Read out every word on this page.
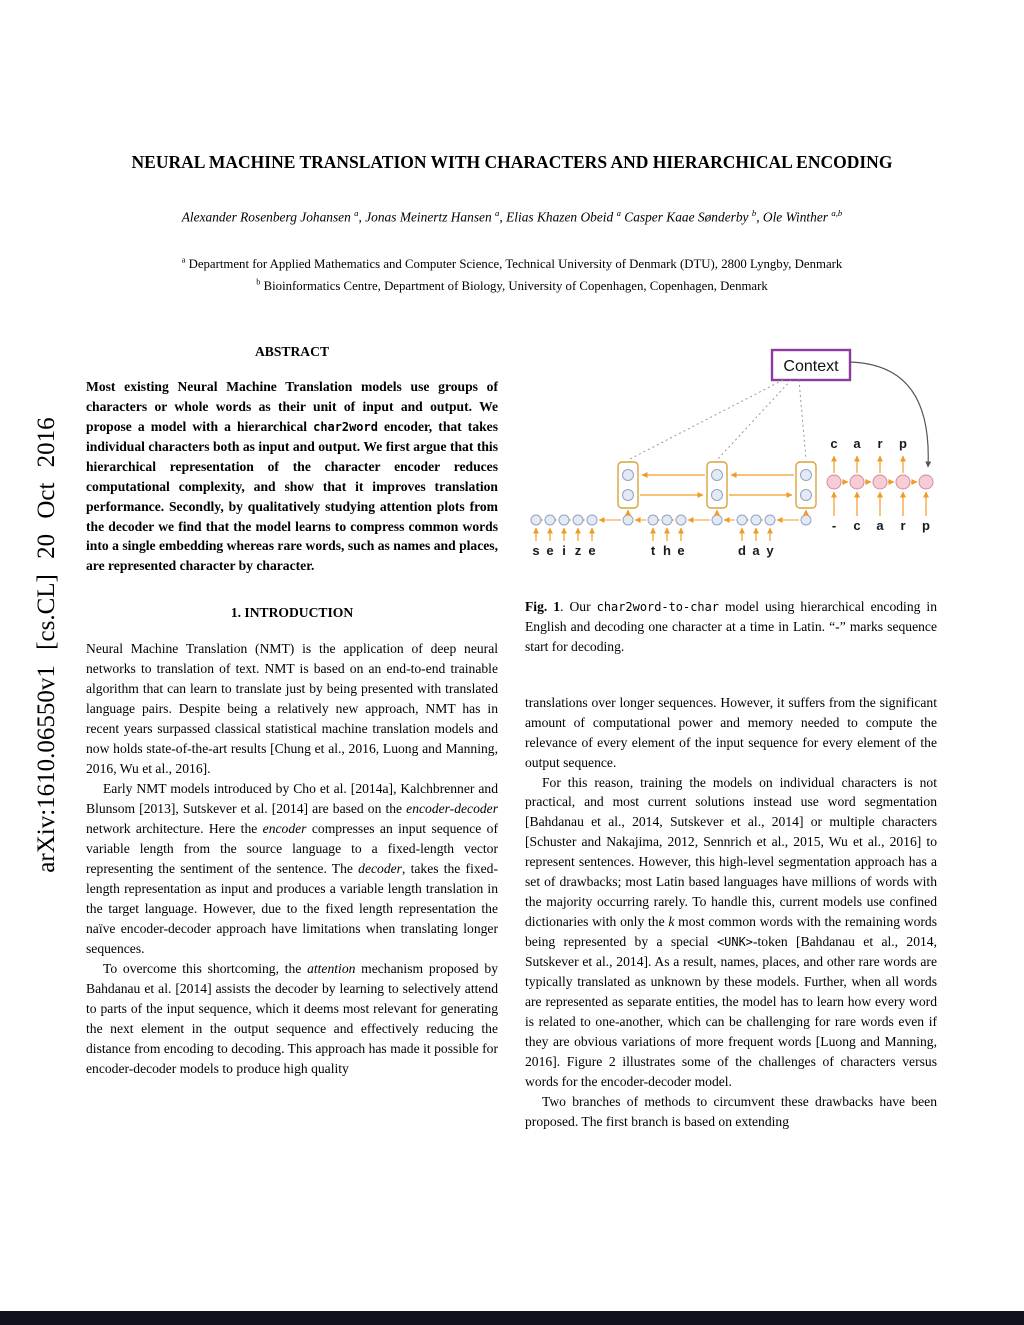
arXiv:1610.06550v1 [cs.CL] 20 Oct 2016
NEURAL MACHINE TRANSLATION WITH CHARACTERS AND HIERARCHICAL ENCODING
Alexander Rosenberg Johansen $^a$, Jonas Meinertz Hansen $^a$, Elias Khazen Obeid $^a$ Casper Kaae Sønderby $^b$, Ole Winther $^{a,b}$
$^a$ Department for Applied Mathematics and Computer Science, Technical University of Denmark (DTU), 2800 Lyngby, Denmark
$^b$ Bioinformatics Centre, Department of Biology, University of Copenhagen, Copenhagen, Denmark
ABSTRACT

Most existing Neural Machine Translation models use groups of characters or whole words as their unit of input and output. We propose a model with a hierarchical char2word encoder, that takes individual characters both as input and output. We first argue that this hierarchical representation of the character encoder reduces computational complexity, and show that it improves translation performance. Secondly, by qualitatively studying attention plots from the decoder we find that the model learns to compress common words into a single embedding whereas rare words, such as names and places, are represented character by character.

1. INTRODUCTION

Neural Machine Translation (NMT) is the application of deep neural networks to translation of text. NMT is based on an end-to-end trainable algorithm that can learn to translate just by being presented with translated language pairs. Despite being a relatively new approach, NMT has in recent years surpassed classical statistical machine translation models and now holds state-of-the-art results [Chung et al., 2016, Luong and Manning, 2016, Wu et al., 2016].

Early NMT models introduced by Cho et al. [2014a], Kalchbrenner and Blunsom [2013], Sutskever et al. [2014] are based on the encoder-decoder network architecture. Here the encoder compresses an input sequence of variable length from the source language to a fixed-length vector representing the sentiment of the sentence. The decoder, takes the fixed-length representation as input and produces a variable length translation in the target language. However, due to the fixed length representation the naïve encoder-decoder approach have limitations when translating longer sequences.

To overcome this shortcoming, the attention mechanism proposed by Bahdanau et al. [2014] assists the decoder by learning to selectively attend to parts of the input sequence, which it deems most relevant for generating the next element in the output sequence and effectively reducing the distance from encoding to decoding. This approach has made it possible for encoder-decoder models to produce high quality

s e i z e	t h e	d a y
Context
-
c
c
a
a
r
r
p
p

Fig. 1. Our char2word-to-char model using hierarchical encoding in English and decoding one character at a time in Latin. “-” marks sequence start for decoding.

translations over longer sequences. However, it suffers from the significant amount of computational power and memory needed to compute the relevance of every element of the input sequence for every element of the output sequence.

For this reason, training the models on individual characters is not practical, and most current solutions instead use word segmentation [Bahdanau et al., 2014, Sutskever et al., 2014] or multiple characters [Schuster and Nakajima, 2012, Sennrich et al., 2015, Wu et al., 2016] to represent sentences. However, this high-level segmentation approach has a set of drawbacks; most Latin based languages have millions of words with the majority occurring rarely. To handle this, current models use confined dictionaries with only the k most common words with the remaining words being represented by a special <UNK>-token [Bahdanau et al., 2014, Sutskever et al., 2014]. As a result, names, places, and other rare words are typically translated as unknown by these models. Further, when all words are represented as separate entities, the model has to learn how every word is related to one-another, which can be challenging for rare words even if they are obvious variations of more frequent words [Luong and Manning, 2016]. Figure 2 illustrates some of the challenges of characters versus words for the encoder-decoder model.

Two branches of methods to circumvent these drawbacks have been proposed. The first branch is based on extending
